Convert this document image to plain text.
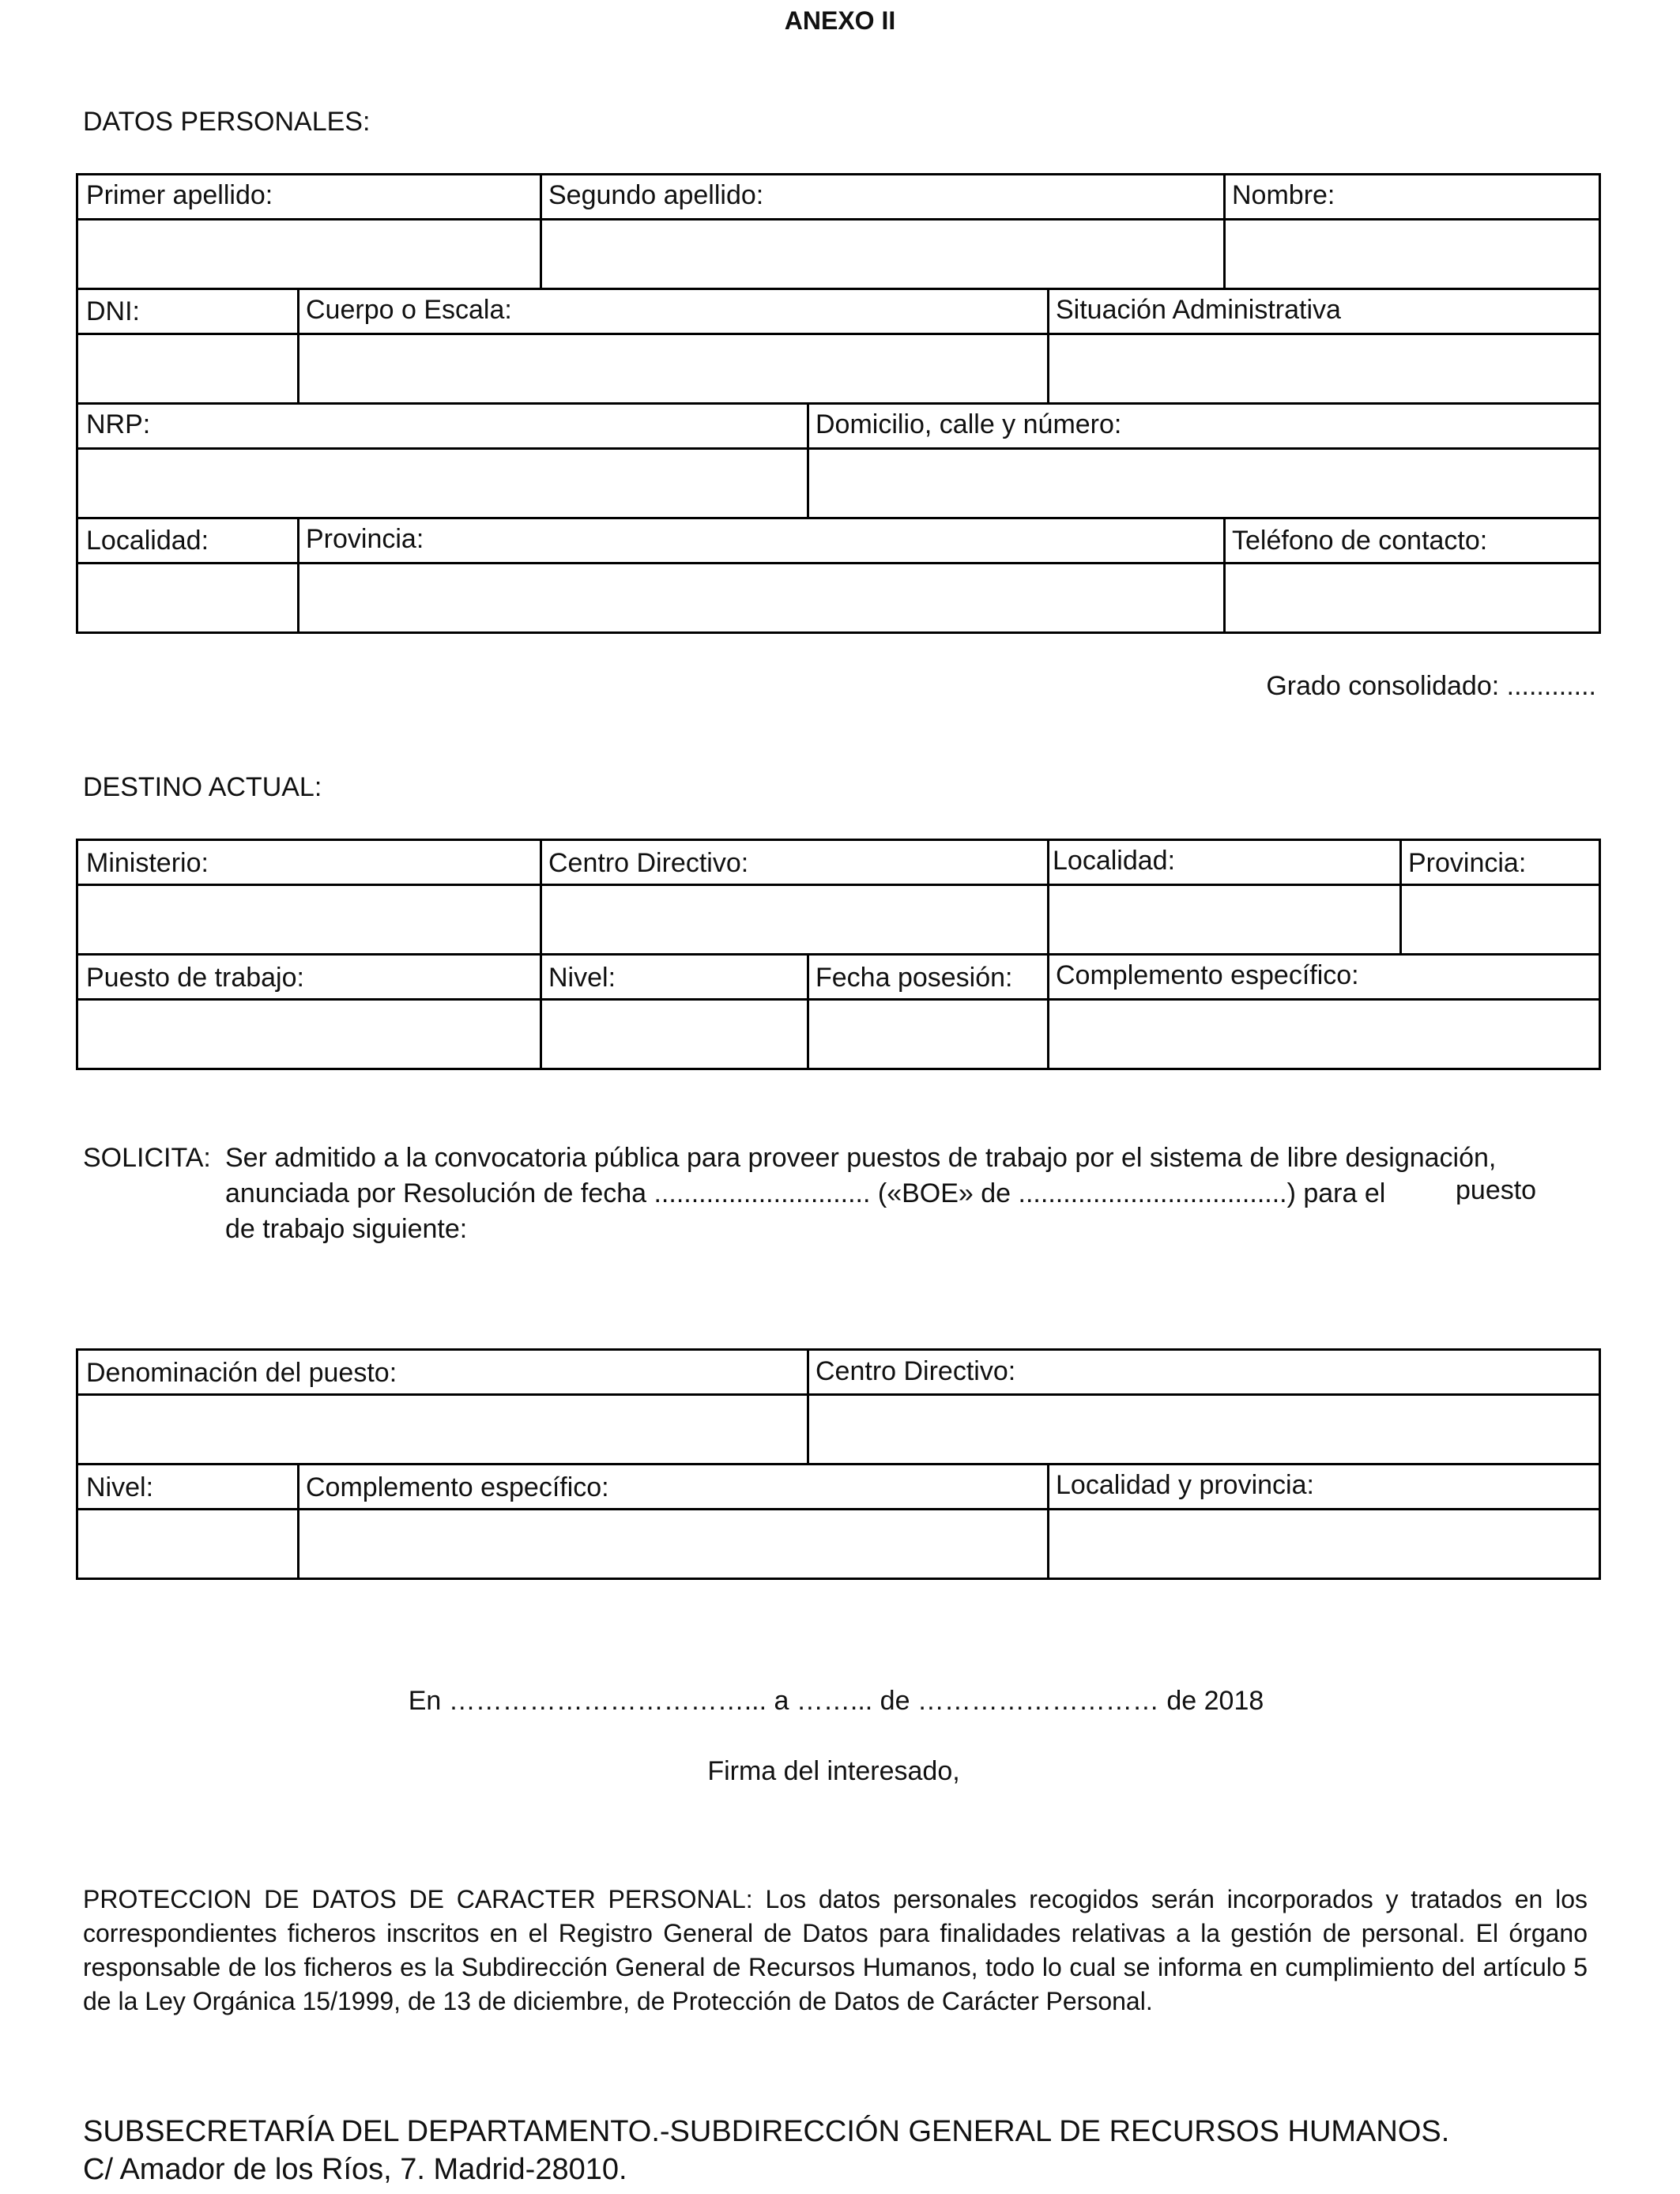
ANEXO II
DATOS PERSONALES:
Primer apellido:	Segundo apellido:	Nombre:
DNI:	Cuerpo o Escala:	Situación Administrativa
NRP:	Domicilio, calle y número:
Localidad:	Provincia:	Teléfono de contacto:
Grado consolidado: ............
DESTINO ACTUAL:
Ministerio:	Centro Directivo:	Localidad:	Provincia:
Puesto de trabajo:	Nivel:	Fecha posesión: Complemento específico:
SOLICITA: Ser admitido a la convocatoria pública para proveer puestos de trabajo por el sistema de libre designación,
anunciada por Resolución de fecha ............................. («BOE» de ....................................) para el	puesto
de trabajo siguiente:
Denominación del puesto:	Centro Directivo:
Nivel:	Complemento específico:	Localidad y provincia:
En ……………………………... a ……... de ……………………… de 2018
Firma del interesado,
PROTECCION DE DATOS DE CARACTER PERSONAL: Los datos personales recogidos serán incorporados y tratados en los correspondientes ficheros inscritos en el Registro General de Datos para finalidades relativas a la gestión de personal. El órgano responsable de los ficheros es la Subdirección General de Recursos Humanos, todo lo cual se informa en cumplimiento del artículo 5 de la Ley Orgánica 15/1999, de 13 de diciembre, de Protección de Datos de Carácter Personal.
SUBSECRETARÍA DEL DEPARTAMENTO.-SUBDIRECCIÓN GENERAL DE RECURSOS HUMANOS.
C/ Amador de los Ríos, 7. Madrid-28010.
